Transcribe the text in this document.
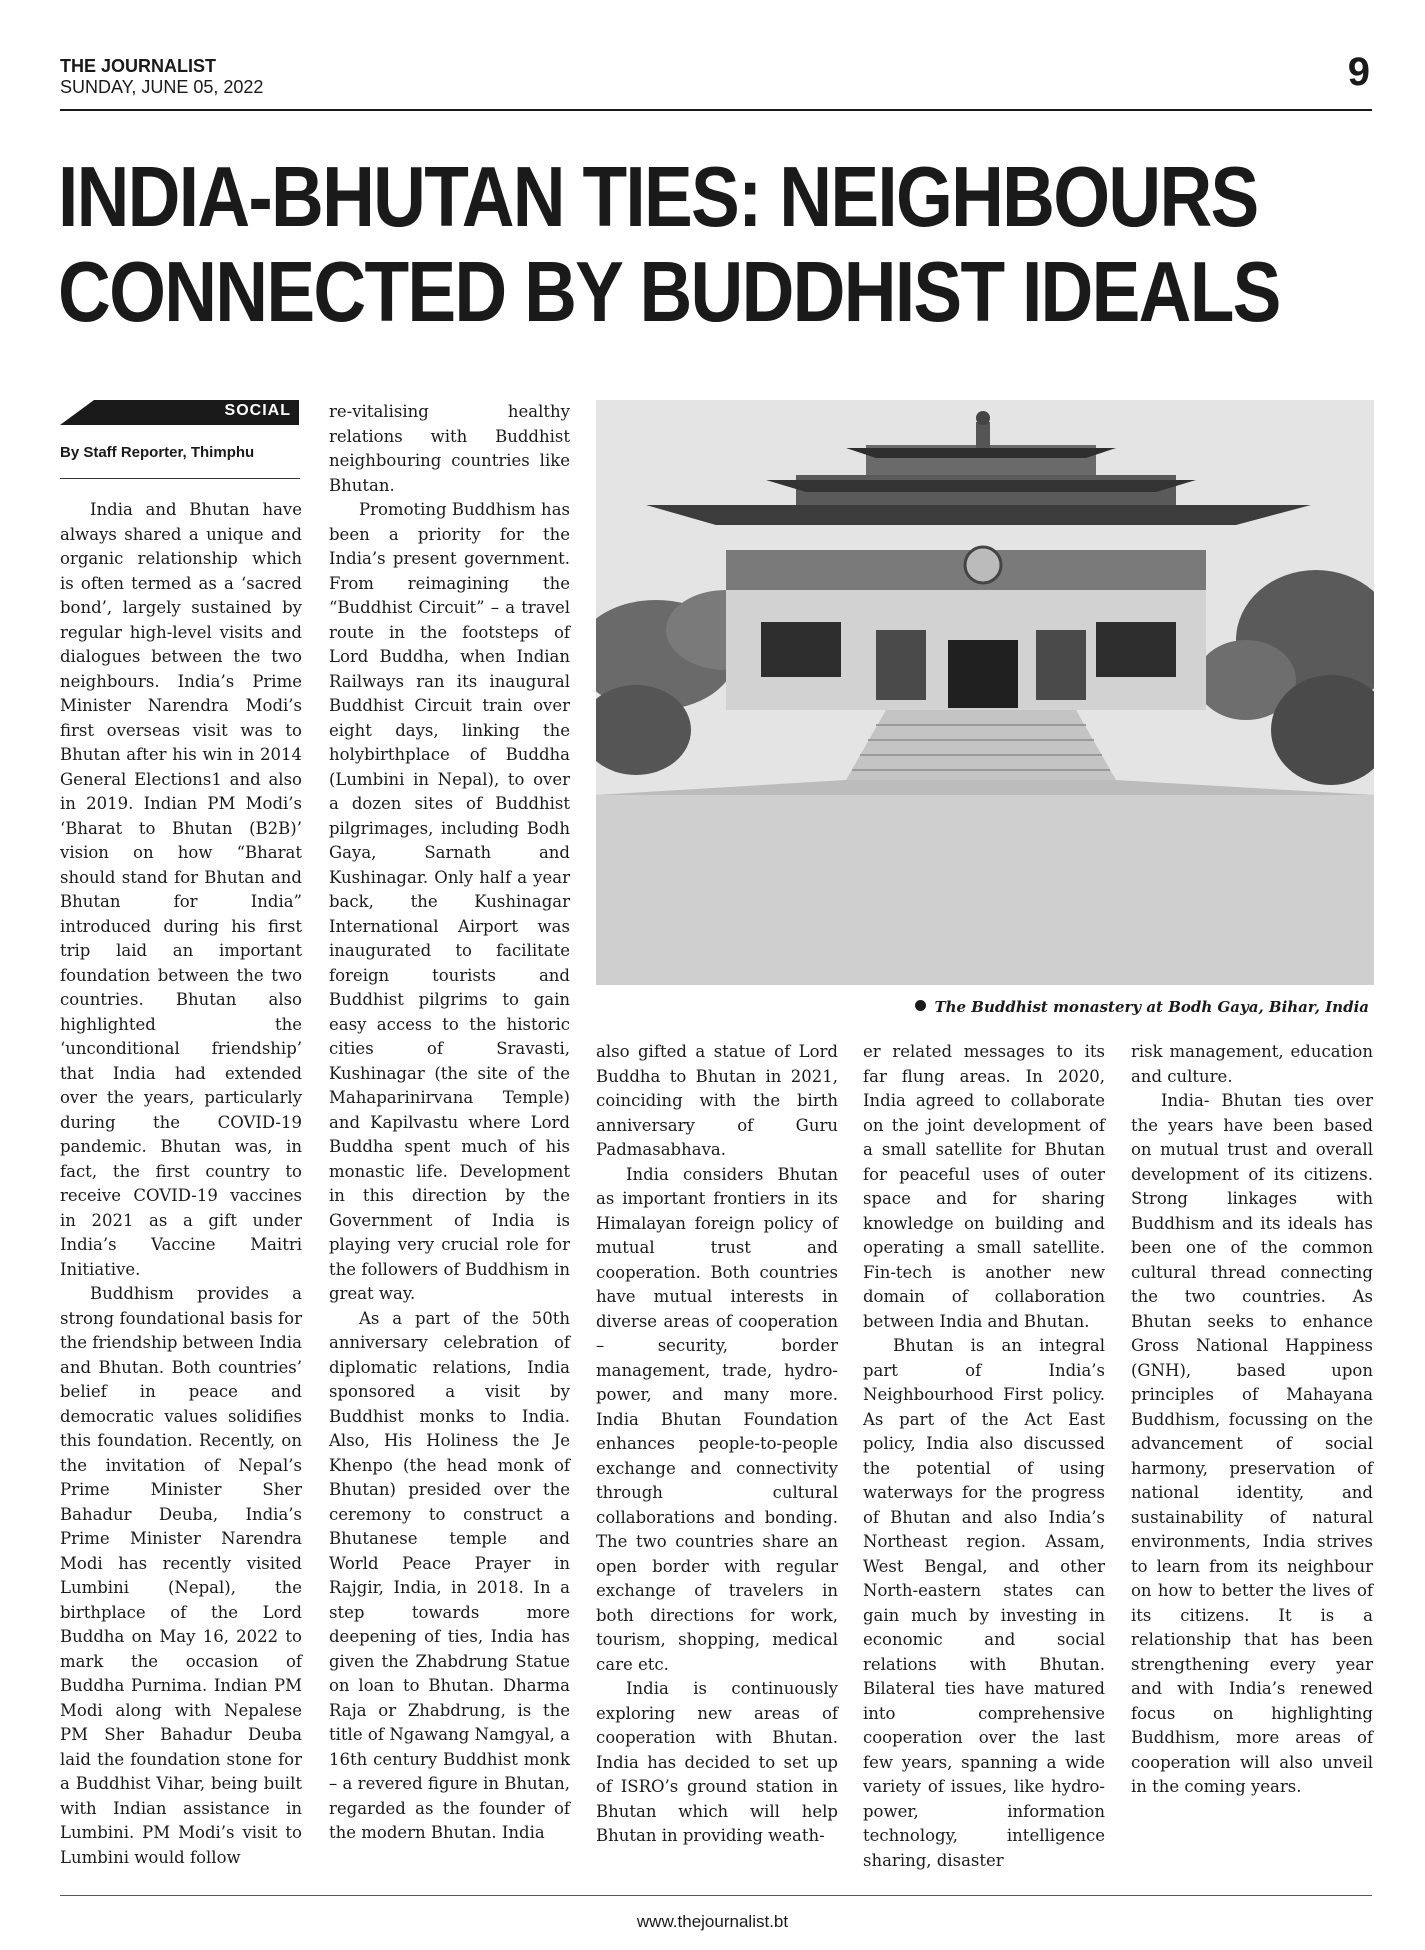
THE JOURNALIST
SUNDAY, JUNE 05, 2022	9
INDIA-BHUTAN TIES: NEIGHBOURS
CONNECTED BY BUDDHIST IDEALS
SOCIAL
By Staff Reporter, Thimphu

India and Bhutan have always shared a unique and organic relationship which is often termed as a ‘sacred bond’, largely sustained by regular high-level visits and dialogues between the two neighbours. India’s Prime Minister Narendra Modi’s first overseas visit was to Bhutan after his win in 2014 General Elections1 and also in 2019. Indian PM Modi’s ‘Bharat to Bhutan (B2B)’ vision on how “Bharat should stand for Bhutan and Bhutan for India” introduced during his first trip laid an important foundation between the two countries. Bhutan also highlighted the ‘unconditional friendship’ that India had extended over the years, particularly during the COVID-19 pandemic. Bhutan was, in fact, the first country to receive COVID-19 vaccines in 2021 as a gift under India’s Vaccine Maitri Initiative.

Buddhism provides a strong foundational basis for the friendship between India and Bhutan. Both countries’ belief in peace and democratic values solidifies this foundation. Recently, on the invitation of Nepal’s Prime Minister Sher Bahadur Deuba, India’s Prime Minister Narendra Modi has recently visited Lumbini (Nepal), the birthplace of the Lord Buddha on May 16, 2022 to mark the occasion of Buddha Purnima. Indian PM Modi along with Nepalese PM Sher Bahadur Deuba laid the foundation stone for a Buddhist Vihar, being built with Indian assistance in Lumbini. PM Modi’s visit to Lumbini would follow

re-vitalising healthy relations with Buddhist neighbouring countries like Bhutan.

Promoting Buddhism has been a priority for the India’s present government. From reimagining the “Buddhist Circuit” – a travel route in the footsteps of Lord Buddha, when Indian Railways ran its inaugural Buddhist Circuit train over eight days, linking the holybirthplace of Buddha (Lumbini in Nepal), to over a dozen sites of Buddhist pilgrimages, including Bodh Gaya, Sarnath and Kushinagar. Only half a year back, the Kushinagar International Airport was inaugurated to facilitate foreign tourists and Buddhist pilgrims to gain easy access to the historic cities of Sravasti, Kushinagar (the site of the Mahaparinirvana Temple) and Kapilvastu where Lord Buddha spent much of his monastic life. Development in this direction by the Government of India is playing very crucial role for the followers of Buddhism in great way.

As a part of the 50th anniversary celebration of diplomatic relations, India sponsored a visit by Buddhist monks to India. Also, His Holiness the Je Khenpo (the head monk of Bhutan) presided over the ceremony to construct a Bhutanese temple and World Peace Prayer in Rajgir, India, in 2018. In a step towards more deepening of ties, India has given the Zhabdrung Statue on loan to Bhutan. Dharma Raja or Zhabdrung, is the title of Ngawang Namgyal, a 16th century Buddhist monk – a revered figure in Bhutan, regarded as the founder of the modern Bhutan. India

The Buddhist monastery at Bodh Gaya, Bihar, India

also gifted a statue of Lord Buddha to Bhutan in 2021, coinciding with the birth anniversary of Guru Padmasabhava.

India considers Bhutan as important frontiers in its Himalayan foreign policy of mutual trust and cooperation. Both countries have mutual interests in diverse areas of cooperation – security, border management, trade, hydro-power, and many more. India Bhutan Foundation enhances people-to-people exchange and connectivity through cultural collaborations and bonding. The two countries share an open border with regular exchange of travelers in both directions for work, tourism, shopping, medical care etc.

India is continuously exploring new areas of cooperation with Bhutan. India has decided to set up of ISRO’s ground station in Bhutan which will help Bhutan in providing weath-

er related messages to its far flung areas. In 2020, India agreed to collaborate on the joint development of a small satellite for Bhutan for peaceful uses of outer space and for sharing knowledge on building and operating a small satellite. Fin-tech is another new domain of collaboration between India and Bhutan.

Bhutan is an integral part of India’s Neighbourhood First policy. As part of the Act East policy, India also discussed the potential of using waterways for the progress of Bhutan and also India’s Northeast region. Assam, West Bengal, and other North-eastern states can gain much by investing in economic and social relations with Bhutan. Bilateral ties have matured into comprehensive cooperation over the last few years, spanning a wide variety of issues, like hydro-power, information technology, intelligence sharing, disaster

risk management, education and culture.

India- Bhutan ties over the years have been based on mutual trust and overall development of its citizens. Strong linkages with Buddhism and its ideals has been one of the common cultural thread connecting the two countries. As Bhutan seeks to enhance Gross National Happiness (GNH), based upon principles of Mahayana Buddhism, focussing on the advancement of social harmony, preservation of national identity, and sustainability of natural environments, India strives to learn from its neighbour on how to better the lives of its citizens. It is a relationship that has been strengthening every year and with India’s renewed focus on highlighting Buddhism, more areas of cooperation will also unveil in the coming years.

www.thejournalist.bt
